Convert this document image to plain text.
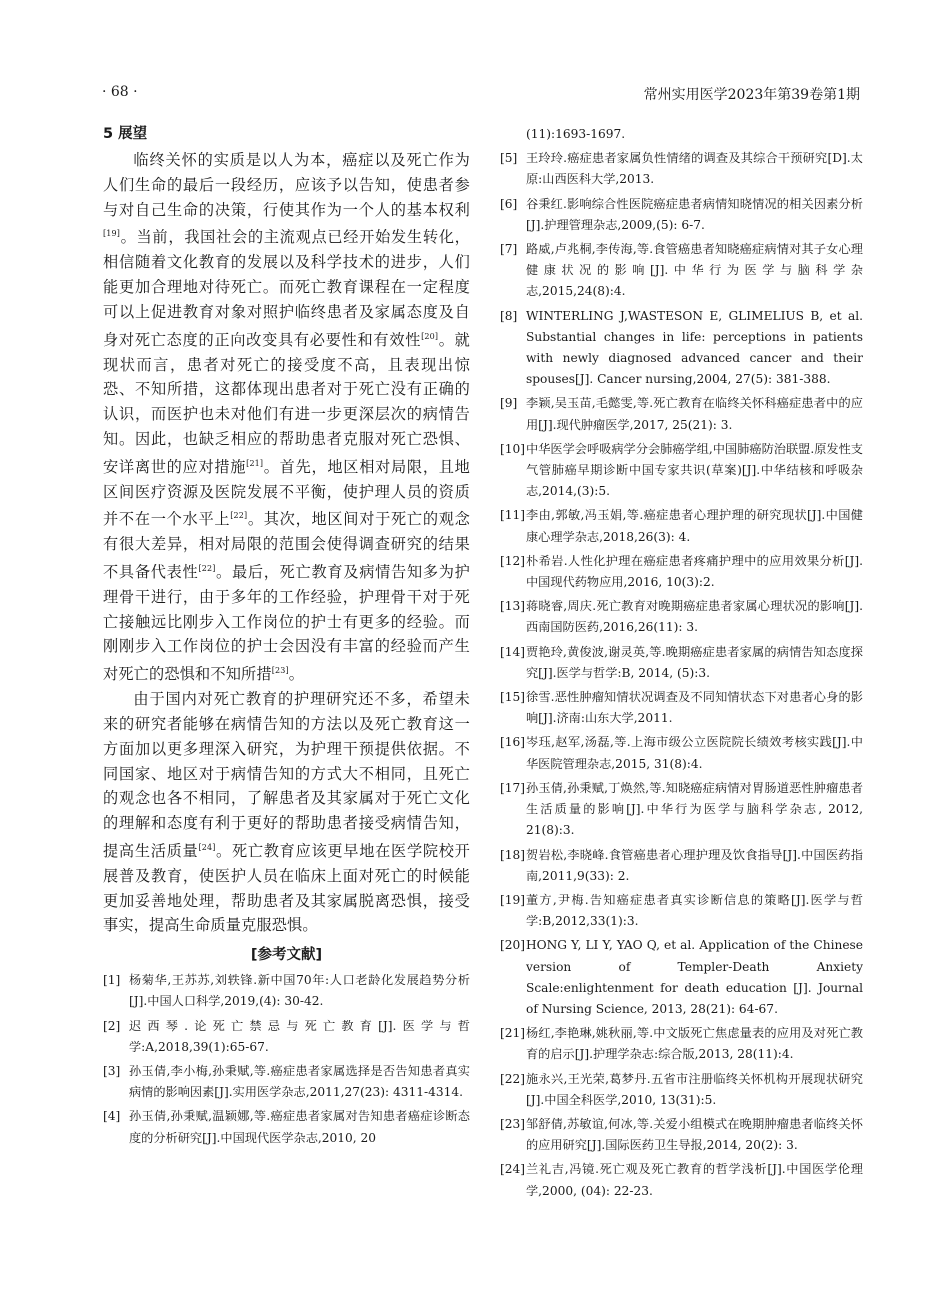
· 68 ·	常州实用医学2023年第39卷第1期
5 展望

临终关怀的实质是以人为本，癌症以及死亡作为人们生命的最后一段经历，应该予以告知，使患者参与对自己生命的决策，行使其作为一个人的基本权利[19]。当前，我国社会的主流观点已经开始发生转化，相信随着文化教育的发展以及科学技术的进步，人们能更加合理地对待死亡。而死亡教育课程在一定程度可以上促进教育对象对照护临终患者及家属态度及自身对死亡态度的正向改变具有必要性和有效性[20]。就现状而言，患者对死亡的接受度不高，且表现出惊恐、不知所措，这都体现出患者对于死亡没有正确的认识，而医护也未对他们有进一步更深层次的病情告知。因此，也缺乏相应的帮助患者克服对死亡恐惧、安详离世的应对措施[21]。首先，地区相对局限，且地区间医疗资源及医院发展不平衡，使护理人员的资质并不在一个水平上[22]。其次，地区间对于死亡的观念有很大差异，相对局限的范围会使得调查研究的结果不具备代表性[22]。最后，死亡教育及病情告知多为护理骨干进行，由于多年的工作经验，护理骨干对于死亡接触远比刚步入工作岗位的护士有更多的经验。而刚刚步入工作岗位的护士会因没有丰富的经验而产生对死亡的恐惧和不知所措[23]。

由于国内对死亡教育的护理研究还不多，希望未来的研究者能够在病情告知的方法以及死亡教育这一方面加以更多理深入研究，为护理干预提供依据。不同国家、地区对于病情告知的方式大不相同，且死亡的观念也各不相同，了解患者及其家属对于死亡文化的理解和态度有利于更好的帮助患者接受病情告知，提高生活质量[24]。死亡教育应该更早地在医学院校开展普及教育，使医护人员在临床上面对死亡的时候能更加妥善地处理，帮助患者及其家属脱离恐惧，接受事实，提高生命质量克服恐惧。

[参考文献]
[1] 杨菊华,王苏苏,刘轶锋.新中国70年:人口老龄化发展趋势分析[J].中国人口科学,2019,(4): 30-42.
[2] 迟西琴.论死亡禁忌与死亡教育[J].医学与哲学:A,2018,39(1):65-67.
[3] 孙玉倩,李小梅,孙秉赋,等.癌症患者家属选择是否告知患者真实病情的影响因素[J].实用医学杂志,2011,27(23): 4311-4314.
[4] 孙玉倩,孙秉赋,温颖娜,等.癌症患者家属对告知患者癌症诊断态度的分析研究[J].中国现代医学杂志,2010, 20
(11):1693-1697.
[5] 王玲玲.癌症患者家属负性情绪的调查及其综合干预研究[D].太原:山西医科大学,2013.
[6] 谷秉红.影响综合性医院癌症患者病情知晓情况的相关因素分析[J].护理管理杂志,2009,(5): 6-7.
[7] 路威,卢兆桐,李传海,等.食管癌患者知晓癌症病情对其子女心理健康状况的影响[J].中华行为医学与脑科学杂志,2015,24(8):4.
[8] WINTERLING J,WASTESON E, GLIMELIUS B, et al. Substantial changes in life: perceptions in patients with newly diagnosed advanced cancer and their spouses[J]. Cancer nursing,2004, 27(5): 381-388.
[9] 李颖,吴玉苗,毛懿雯,等.死亡教育在临终关怀科癌症患者中的应用[J].现代肿瘤医学,2017, 25(21): 3.
[10] 中华医学会呼吸病学分会肺癌学组,中国肺癌防治联盟.原发性支气管肺癌早期诊断中国专家共识(草案)[J].中华结核和呼吸杂志,2014,(3):5.
[11] 李由,郭敏,冯玉娟,等.癌症患者心理护理的研究现状[J].中国健康心理学杂志,2018,26(3): 4.
[12] 朴希岩.人性化护理在癌症患者疼痛护理中的应用效果分析[J].中国现代药物应用,2016, 10(3):2.
[13] 蒋晓睿,周庆.死亡教育对晚期癌症患者家属心理状况的影响[J].西南国防医药,2016,26(11): 3.
[14] 贾艳玲,黄俊波,谢灵英,等.晚期癌症患者家属的病情告知态度探究[J].医学与哲学:B, 2014, (5):3.
[15] 徐雪.恶性肿瘤知情状况调查及不同知情状态下对患者心身的影响[J].济南:山东大学,2011.
[16] 岑珏,赵军,汤磊,等.上海市级公立医院院长绩效考核实践[J].中华医院管理杂志,2015, 31(8):4.
[17] 孙玉倩,孙秉赋,丁焕然,等.知晓癌症病情对胃肠道恶性肿瘤患者生活质量的影响[J].中华行为医学与脑科学杂志, 2012, 21(8):3.
[18] 贺岩松,李晓峰.食管癌患者心理护理及饮食指导[J].中国医药指南,2011,9(33): 2.
[19] 董方,尹梅.告知癌症患者真实诊断信息的策略[J].医学与哲学:B,2012,33(1):3.
[20] HONG Y, LI Y, YAO Q, et al. Application of the Chinese version of Templer-Death Anxiety Scale:enlightenment for death education [J]. Journal of Nursing Science, 2013, 28(21): 64-67.
[21] 杨红,李艳琳,姚秋丽,等.中文版死亡焦虑量表的应用及对死亡教育的启示[J].护理学杂志:综合版,2013, 28(11):4.
[22] 施永兴,王光荣,葛梦丹.五省市注册临终关怀机构开展现状研究[J].中国全科医学,2010, 13(31):5.
[23] 邹舒倩,苏敏谊,何冰,等.关爱小组模式在晚期肿瘤患者临终关怀的应用研究[J].国际医药卫生导报,2014, 20(2): 3.
[24] 兰礼吉,冯镜.死亡观及死亡教育的哲学浅析[J].中国医学伦理学,2000, (04): 22-23.
